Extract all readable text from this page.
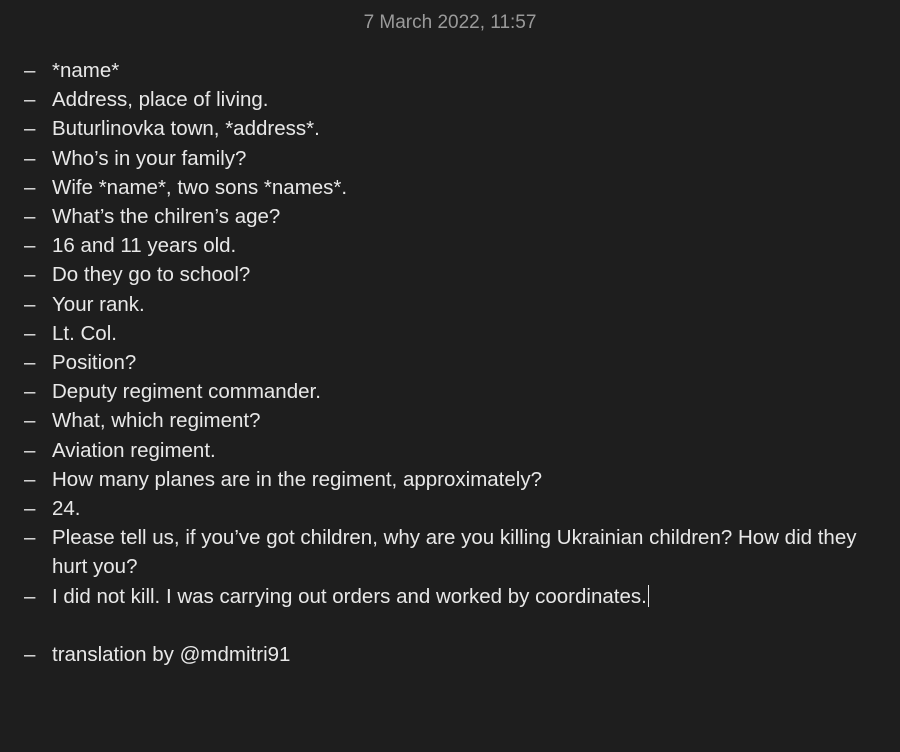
7 March 2022, 11:57
– *name*
– Address, place of living.
– Buturlinovka town, *address*.
– Who’s in your family?
– Wife *name*, two sons *names*.
– What’s the chilren’s age?
– 16 and 11 years old.
– Do they go to school?
– Your rank.
– Lt. Col.
– Position?
– Deputy regiment commander.
– What, which regiment?
– Aviation regiment.
– How many planes are in the regiment, approximately?
– 24.
– Please tell us, if you’ve got children, why are you killing Ukrainian children? How did they hurt you?
– I did not kill. I was carrying out orders and worked by coordinates.
– translation by @mdmitri91
